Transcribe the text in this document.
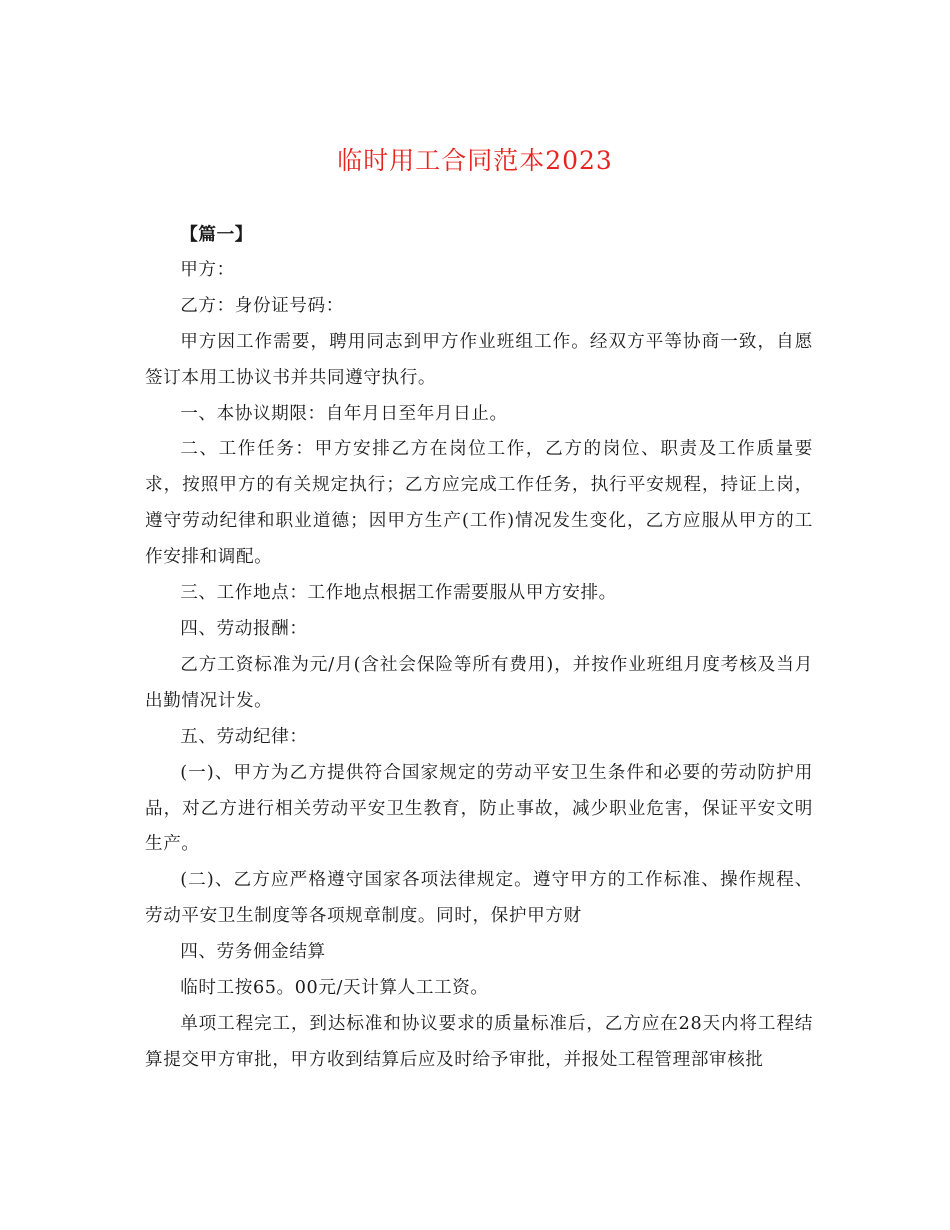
临时用工合同范本2023

【篇一】

甲方：

乙方：身份证号码：

甲方因工作需要，聘用同志到甲方作业班组工作。经双方平等协商一致，自愿签订本用工协议书并共同遵守执行。

一、本协议期限：自年月日至年月日止。

二、工作任务：甲方安排乙方在岗位工作，乙方的岗位、职责及工作质量要求，按照甲方的有关规定执行；乙方应完成工作任务，执行平安规程，持证上岗，遵守劳动纪律和职业道德；因甲方生产(工作)情况发生变化，乙方应服从甲方的工作安排和调配。

三、工作地点：工作地点根据工作需要服从甲方安排。

四、劳动报酬：

乙方工资标准为元/月(含社会保险等所有费用)，并按作业班组月度考核及当月出勤情况计发。

五、劳动纪律：

(一)、甲方为乙方提供符合国家规定的劳动平安卫生条件和必要的劳动防护用品，对乙方进行相关劳动平安卫生教育，防止事故，减少职业危害，保证平安文明生产。

(二)、乙方应严格遵守国家各项法律规定。遵守甲方的工作标准、操作规程、劳动平安卫生制度等各项规章制度。同时，保护甲方财

四、劳务佣金结算

临时工按65。00元/天计算人工工资。

单项工程完工，到达标准和协议要求的质量标准后，乙方应在28天内将工程结算提交甲方审批，甲方收到结算后应及时给予审批，并报处工程管理部审核批
